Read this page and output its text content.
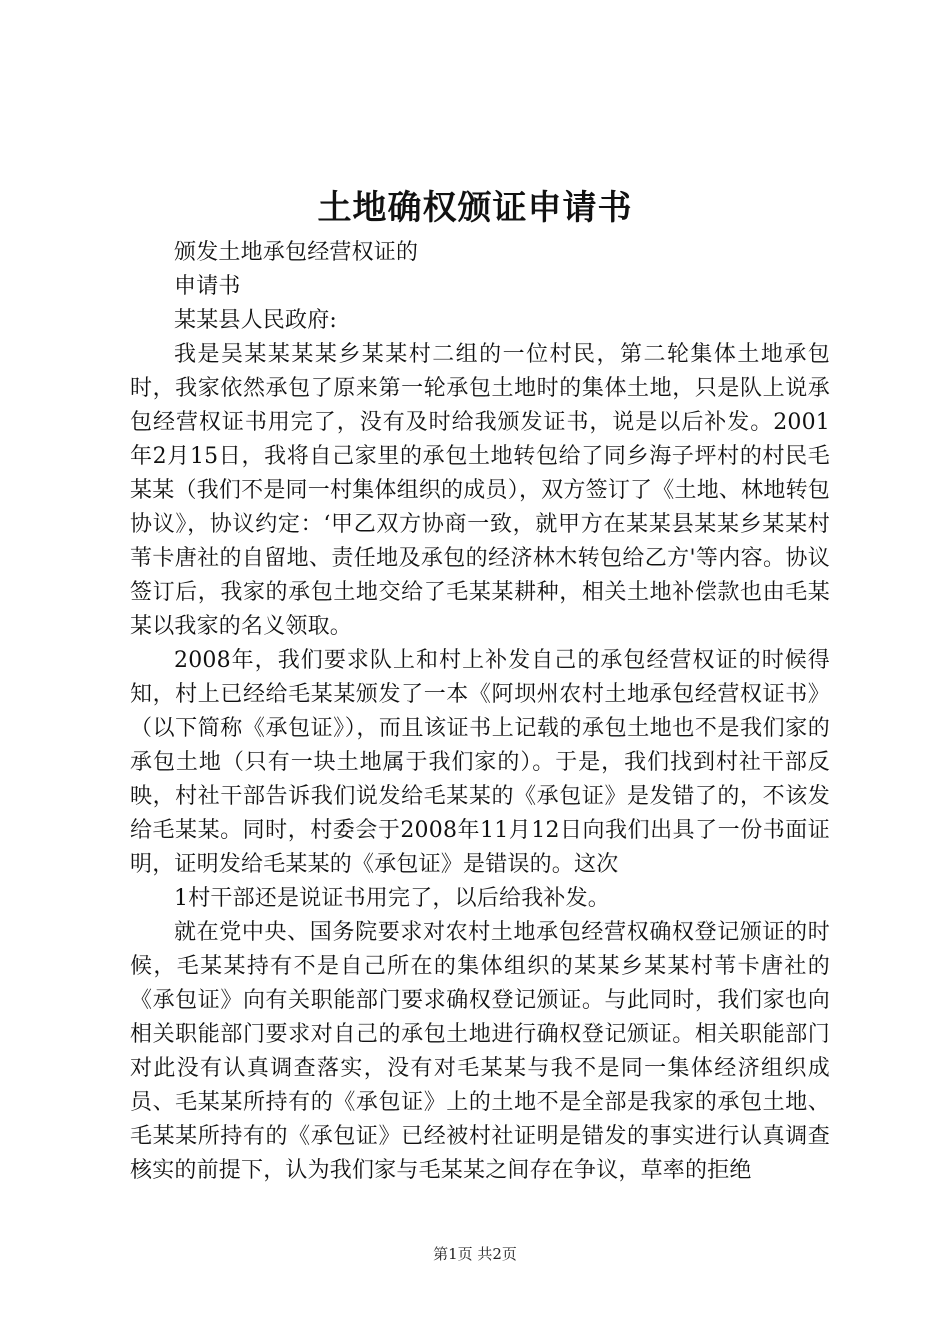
土地确权颁证申请书

颁发土地承包经营权证的

申请书

某某县人民政府:

我是吴某某某某乡某某村二组的一位村民，第二轮集体土地承包时，我家依然承包了原来第一轮承包土地时的集体土地，只是队上说承包经营权证书用完了，没有及时给我颁发证书，说是以后补发。2001年2月15日，我将自己家里的承包土地转包给了同乡海子坪村的村民毛某某（我们不是同一村集体组织的成员），双方签订了《土地、林地转包协议》，协议约定：‘甲乙双方协商一致，就甲方在某某县某某乡某某村苇卡唐社的自留地、责任地及承包的经济林木转包给乙方'等内容。协议签订后，我家的承包土地交给了毛某某耕种，相关土地补偿款也由毛某某以我家的名义领取。

2008年，我们要求队上和村上补发自己的承包经营权证的时候得知，村上已经给毛某某颁发了一本《阿坝州农村土地承包经营权证书》（以下简称《承包证》），而且该证书上记载的承包土地也不是我们家的承包土地（只有一块土地属于我们家的）。于是，我们找到村社干部反映，村社干部告诉我们说发给毛某某的《承包证》是发错了的，不该发给毛某某。同时，村委会于2008年11月12日向我们出具了一份书面证明，证明发给毛某某的《承包证》是错误的。这次

1村干部还是说证书用完了，以后给我补发。

就在党中央、国务院要求对农村土地承包经营权确权登记颁证的时候，毛某某持有不是自己所在的集体组织的某某乡某某村苇卡唐社的《承包证》向有关职能部门要求确权登记颁证。与此同时，我们家也向相关职能部门要求对自己的承包土地进行确权登记颁证。相关职能部门对此没有认真调查落实，没有对毛某某与我不是同一集体经济组织成员、毛某某所持有的《承包证》上的土地不是全部是我家的承包土地、毛某某所持有的《承包证》已经被村社证明是错发的事实进行认真调查核实的前提下，认为我们家与毛某某之间存在争议，草率的拒绝

第1页 共2页
